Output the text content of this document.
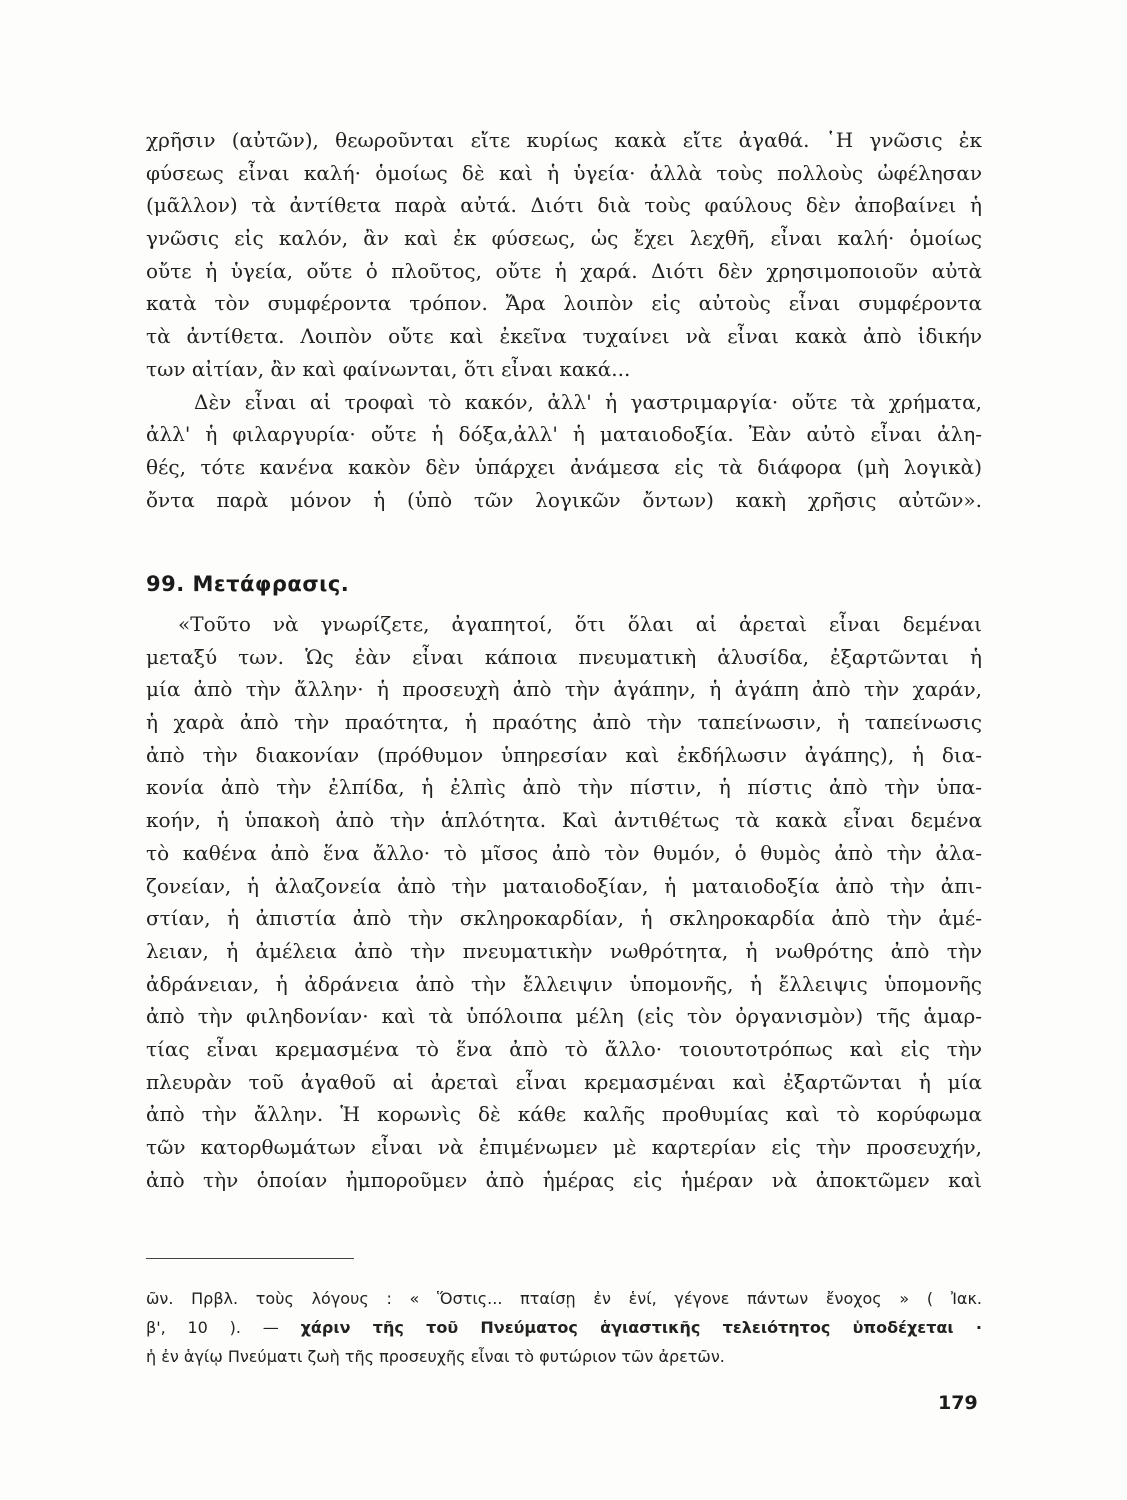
χρῆσιν (αὐτῶν), θεωροῦνται εἴτε κυρίως κακὰ εἴτε ἀγαθά. ῾Η γνῶσις ἐκ
φύσεως εἶναι καλή· ὁμοίως δὲ καὶ ἡ ὑγεία· ἀλλὰ τοὺς πολλοὺς ὠφέλησαν
(μᾶλλον) τὰ ἀντίθετα παρὰ αὐτά. Διότι διὰ τοὺς φαύλους δὲν ἀποβαίνει ἡ
γνῶσις εἰς καλόν, ἂν καὶ ἐκ φύσεως, ὡς ἔχει λεχθῆ, εἶναι καλή· ὁμοίως
οὔτε ἡ ὑγεία, οὔτε ὁ πλοῦτος, οὔτε ἡ χαρά. Διότι δὲν χρησιμοποιοῦν αὐτὰ
κατὰ τὸν συμφέροντα τρόπον. Ἄρα λοιπὸν εἰς αὐτοὺς εἶναι συμφέροντα
τὰ ἀντίθετα. Λοιπὸν οὔτε καὶ ἐκεῖνα τυχαίνει νὰ εἶναι κακὰ ἀπὸ ἰδικήν
των αἰτίαν, ἂν καὶ φαίνωνται, ὅτι εἶναι κακά...
Δὲν εἶναι αἱ τροφαὶ τὸ κακόν, ἀλλ' ἡ γαστριμαργία· οὔτε τὰ χρήματα,
ἀλλ' ἡ φιλαργυρία· οὔτε ἡ δόξα,ἀλλ' ἡ ματαιοδοξία. Ἐὰν αὐτὸ εἶναι ἀλη-
θές, τότε κανένα κακὸν δὲν ὑπάρχει ἀνάμεσα εἰς τὰ διάφορα (μὴ λογικὰ)
ὄντα παρὰ μόνον ἡ (ὑπὸ τῶν λογικῶν ὄντων) κακὴ χρῆσις αὐτῶν».
99. Μετάφρασις.
«Τοῦτο νὰ γνωρίζετε, ἀγαπητοί, ὅτι ὅλαι αἱ ἀρεταὶ εἶναι δεμέναι
μεταξύ των. Ὡς ἐὰν εἶναι κάποια πνευματικὴ ἁλυσίδα, ἐξαρτῶνται ἡ
μία ἀπὸ τὴν ἄλλην· ἡ προσευχὴ ἀπὸ τὴν ἀγάπην, ἡ ἀγάπη ἀπὸ τὴν χαράν,
ἡ χαρὰ ἀπὸ τὴν πραότητα, ἡ πραότης ἀπὸ τὴν ταπείνωσιν, ἡ ταπείνωσις
ἀπὸ τὴν διακονίαν (πρόθυμον ὑπηρεσίαν καὶ ἐκδήλωσιν ἀγάπης), ἡ δια-
κονία ἀπὸ τὴν ἐλπίδα, ἡ ἐλπὶς ἀπὸ τὴν πίστιν, ἡ πίστις ἀπὸ τὴν ὑπα-
κοήν, ἡ ὑπακοὴ ἀπὸ τὴν ἁπλότητα. Καὶ ἀντιθέτως τὰ κακὰ εἶναι δεμένα
τὸ καθένα ἀπὸ ἕνα ἄλλο· τὸ μῖσος ἀπὸ τὸν θυμόν, ὁ θυμὸς ἀπὸ τὴν ἀλα-
ζονείαν, ἡ ἀλαζονεία ἀπὸ τὴν ματαιοδοξίαν, ἡ ματαιοδοξία ἀπὸ τὴν ἀπι-
στίαν, ἡ ἀπιστία ἀπὸ τὴν σκληροκαρδίαν, ἡ σκληροκαρδία ἀπὸ τὴν ἀμέ-
λειαν, ἡ ἀμέλεια ἀπὸ τὴν πνευματικὴν νωθρότητα, ἡ νωθρότης ἀπὸ τὴν
ἀδράνειαν, ἡ ἀδράνεια ἀπὸ τὴν ἔλλειψιν ὑπομονῆς, ἡ ἔλλειψις ὑπομονῆς
ἀπὸ τὴν φιληδονίαν· καὶ τὰ ὑπόλοιπα μέλη (εἰς τὸν ὀργανισμὸν) τῆς ἁμαρ-
τίας εἶναι κρεμασμένα τὸ ἕνα ἀπὸ τὸ ἄλλο· τοιουτοτρόπως καὶ εἰς τὴν
πλευρὰν τοῦ ἀγαθοῦ αἱ ἀρεταὶ εἶναι κρεμασμέναι καὶ ἐξαρτῶνται ἡ μία
ἀπὸ τὴν ἄλλην. Ἡ κορωνὶς δὲ κάθε καλῆς προθυμίας καὶ τὸ κορύφωμα
τῶν κατορθωμάτων εἶναι νὰ ἐπιμένωμεν μὲ καρτερίαν εἰς τὴν προσευχήν,
ἀπὸ τὴν ὁποίαν ἠμποροῦμεν ἀπὸ ἡμέρας εἰς ἡμέραν νὰ ἀποκτῶμεν καὶ
ῶν. Πρβλ. τοὺς λόγους : « Ὅστις... πταίσῃ ἐν ἑνί, γέγονε πάντων ἔνοχος » ( Ἰακ.
β', 10 ). — χάριν τῆς τοῦ Πνεύματος ἁγιαστικῆς τελειότητος ὑποδέχεται ·
ἡ ἐν ἁγίῳ Πνεύματι ζωὴ τῆς προσευχῆς εἶναι τὸ φυτώριον τῶν ἀρετῶν.
179
